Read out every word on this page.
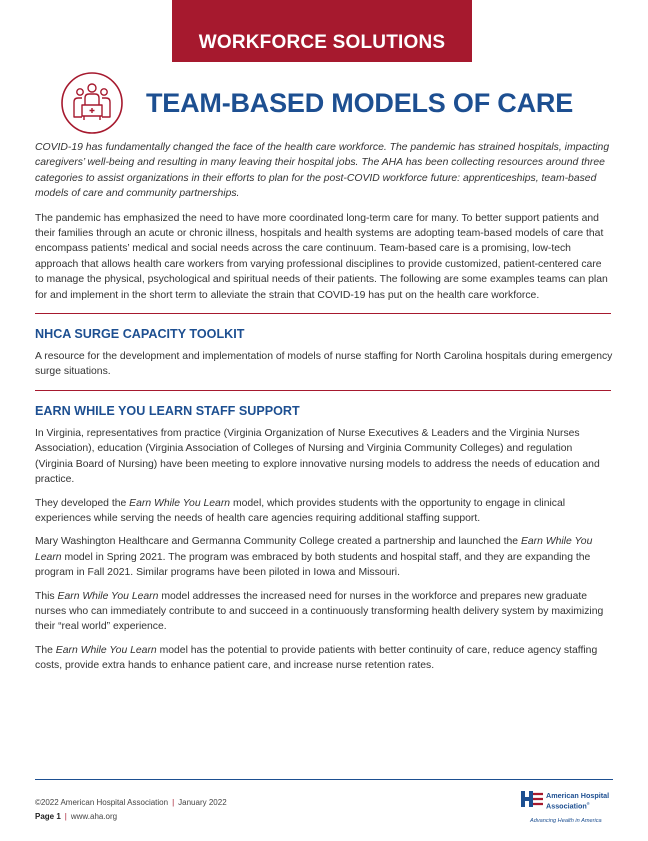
WORKFORCE SOLUTIONS
TEAM-BASED MODELS OF CARE

COVID-19 has fundamentally changed the face of the health care workforce. The pandemic has strained hospitals, impacting caregivers’ well-being and resulting in many leaving their hospital jobs. The AHA has been collecting resources around three categories to assist organizations in their efforts to plan for the post-COVID workforce future: apprenticeships, team-based models of care and community partnerships.

The pandemic has emphasized the need to have more coordinated long-term care for many. To better support patients and their families through an acute or chronic illness, hospitals and health systems are adopting team-based models of care that encompass patients’ medical and social needs across the care continuum. Team-based care is a promising, low-tech approach that allows health care workers from varying professional disciplines to provide customized, patient-centered care to manage the physical, psychological and spiritual needs of their patients. The following are some examples teams can plan for and implement in the short term to alleviate the strain that COVID-19 has put on the health care workforce.

NHCA SURGE CAPACITY TOOLKIT

A resource for the development and implementation of models of nurse staffing for North Carolina hospitals during emergency surge situations.

EARN WHILE YOU LEARN STAFF SUPPORT

In Virginia, representatives from practice (Virginia Organization of Nurse Executives & Leaders and the Virginia Nurses Association), education (Virginia Association of Colleges of Nursing and Virginia Community Colleges) and regulation (Virginia Board of Nursing) have been meeting to explore innovative nursing models to address the needs of education and practice.

They developed the Earn While You Learn model, which provides students with the opportunity to engage in clinical experiences while serving the needs of health care agencies requiring additional staffing support.

Mary Washington Healthcare and Germanna Community College created a partnership and launched the Earn While You Learn model in Spring 2021. The program was embraced by both students and hospital staff, and they are expanding the program in Fall 2021. Similar programs have been piloted in Iowa and Missouri.

This Earn While You Learn model addresses the increased need for nurses in the workforce and prepares new graduate nurses who can immediately contribute to and succeed in a continuously transforming health delivery system by maximizing their “real world” experience.

The Earn While You Learn model has the potential to provide patients with better continuity of care, reduce agency staffing costs, provide extra hands to enhance patient care, and increase nurse retention rates.

©2022 American Hospital Association | January 2022
Page 1 | www.aha.org
American Hospital Association®
Advancing Health in America
